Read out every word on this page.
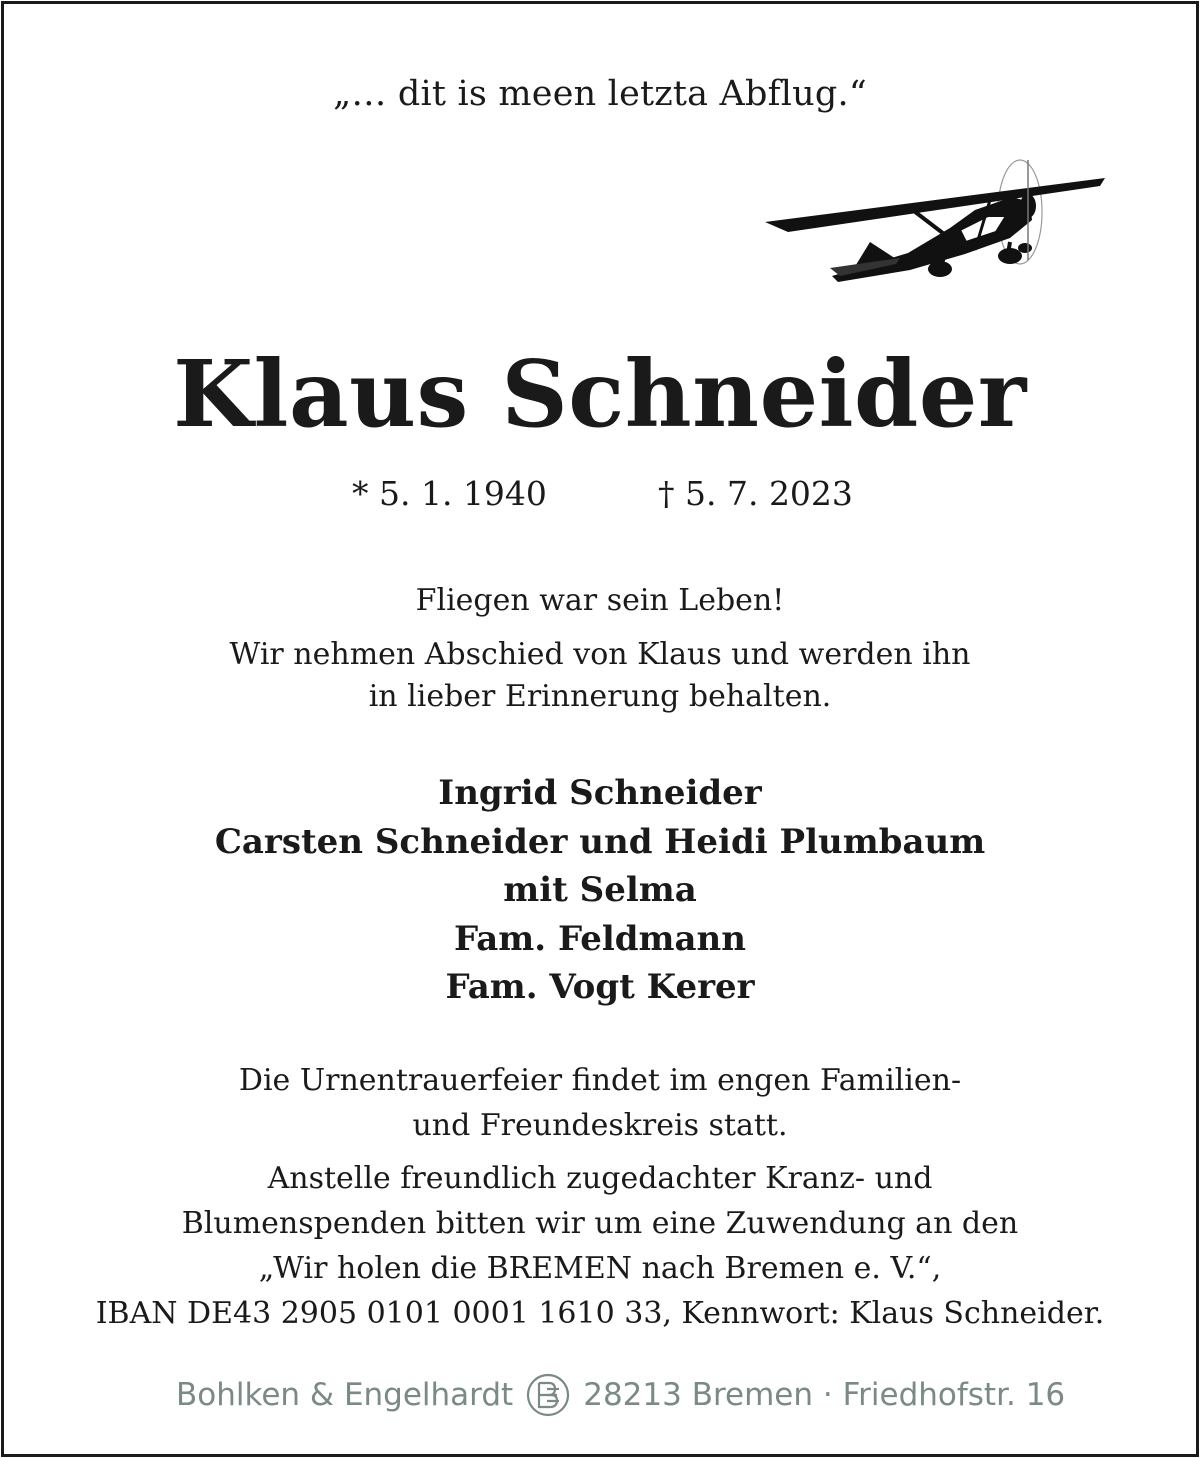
„… dit is meen letzta Abflug.“
Klaus Schneider
* 5. 1. 1940	† 5. 7. 2023
Fliegen war sein Leben!
Wir nehmen Abschied von Klaus und werden ihn
in lieber Erinnerung behalten.
Ingrid Schneider
Carsten Schneider und Heidi Plumbaum
mit Selma
Fam. Feldmann
Fam. Vogt Kerer
Die Urnentrauerfeier findet im engen Familien-
und Freundeskreis statt.
Anstelle freundlich zugedachter Kranz- und
Blumenspenden bitten wir um eine Zuwendung an den
„Wir holen die BREMEN nach Bremen e. V.“,
IBAN DE43 2905 0101 0001 1610 33, Kennwort: Klaus Schneider.
Bohlken & Engelhardt 28213 Bremen · Friedhofstr. 16
